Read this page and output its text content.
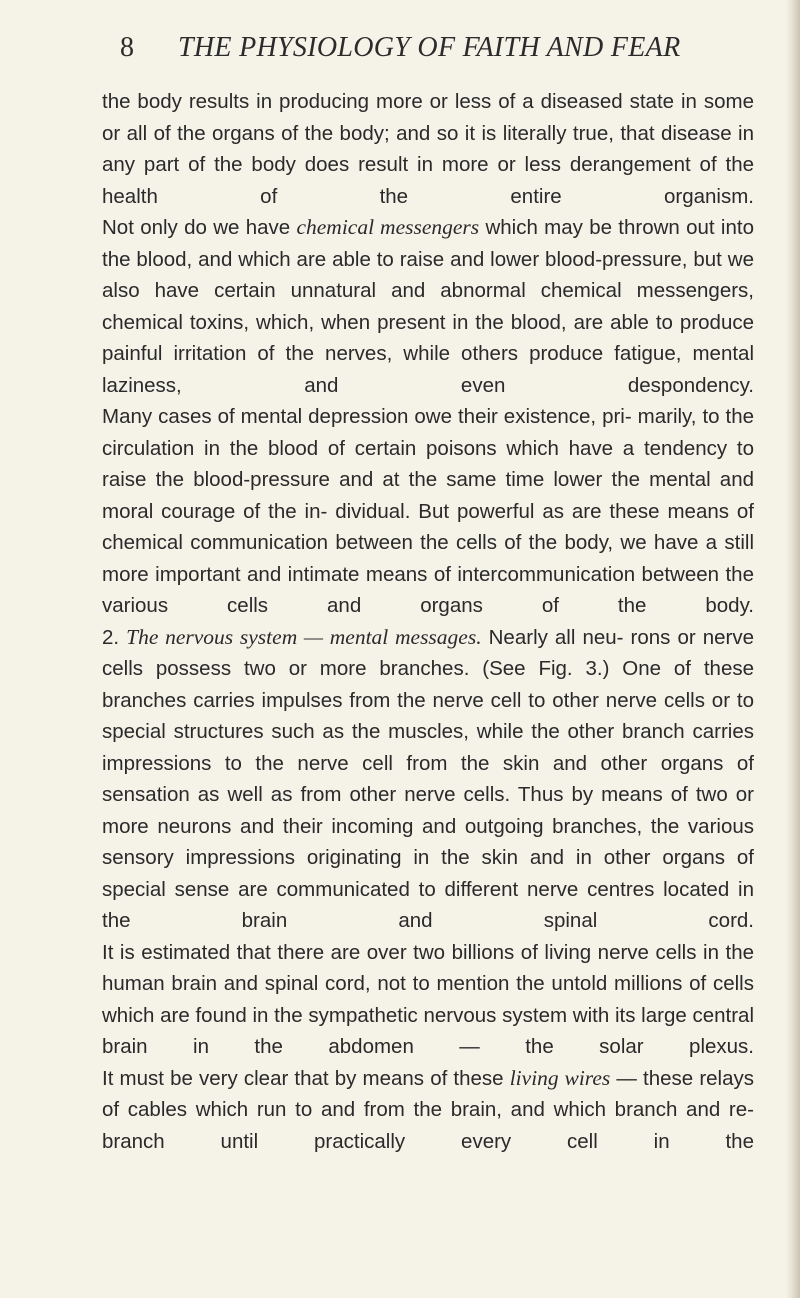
8 THE PHYSIOLOGY OF FAITH AND FEAR

the body results in producing more or less of a diseased state in some or all of the organs of the body; and so it is literally true, that disease in any part of the body does result in more or less derangement of the health of the entire organism.

Not only do we have chemical messengers which may be thrown out into the blood, and which are able to raise and lower blood-pressure, but we also have certain unnatural and abnormal chemical messengers, chemical toxins, which, when present in the blood, are able to produce painful irritation of the nerves, while others produce fatigue, mental laziness, and even despondency.

Many cases of mental depression owe their existence, pri- marily, to the circulation in the blood of certain poisons which have a tendency to raise the blood-pressure and at the same time lower the mental and moral courage of the in- dividual. But powerful as are these means of chemical communication between the cells of the body, we have a still more important and intimate means of intercommunication between the various cells and organs of the body.

2. The nervous system — mental messages. Nearly all neu- rons or nerve cells possess two or more branches. (See Fig. 3.) One of these branches carries impulses from the nerve cell to other nerve cells or to special structures such as the muscles, while the other branch carries impressions to the nerve cell from the skin and other organs of sensation as well as from other nerve cells. Thus by means of two or more neurons and their incoming and outgoing branches, the various sensory impressions originating in the skin and in other organs of special sense are communicated to different nerve centres located in the brain and spinal cord.

It is estimated that there are over two billions of living nerve cells in the human brain and spinal cord, not to mention the untold millions of cells which are found in the sympathetic nervous system with its large central brain in the abdomen — the solar plexus.

It must be very clear that by means of these living wires — these relays of cables which run to and from the brain, and which branch and re-branch until practically every cell in the
